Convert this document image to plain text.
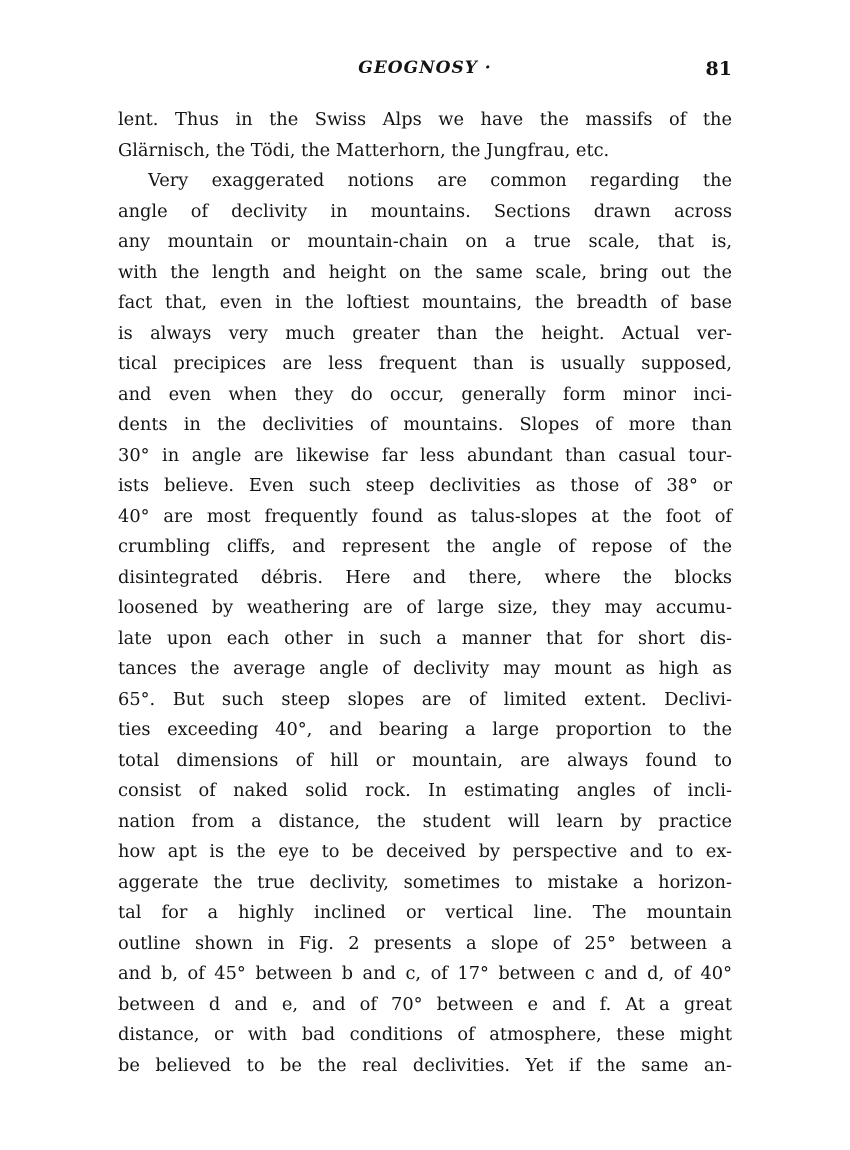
GEOGNOSY ·	81
lent. Thus in the Swiss Alps we have the massifs of the
Glärnisch, the Tödi, the Matterhorn, the Jungfrau, etc.
Very exaggerated notions are common regarding the
angle of declivity in mountains. Sections drawn across
any mountain or mountain-chain on a true scale, that is,
with the length and height on the same scale, bring out the
fact that, even in the loftiest mountains, the breadth of base
is always very much greater than the height. Actual ver-
tical precipices are less frequent than is usually supposed,
and even when they do occur, generally form minor inci-
dents in the declivities of mountains. Slopes of more than
30° in angle are likewise far less abundant than casual tour-
ists believe. Even such steep declivities as those of 38° or
40° are most frequently found as talus-slopes at the foot of
crumbling cliffs, and represent the angle of repose of the
disintegrated débris. Here and there, where the blocks
loosened by weathering are of large size, they may accumu-
late upon each other in such a manner that for short dis-
tances the average angle of declivity may mount as high as
65°. But such steep slopes are of limited extent. Declivi-
ties exceeding 40°, and bearing a large proportion to the
total dimensions of hill or mountain, are always found to
consist of naked solid rock. In estimating angles of incli-
nation from a distance, the student will learn by practice
how apt is the eye to be deceived by perspective and to ex-
aggerate the true declivity, sometimes to mistake a horizon-
tal for a highly inclined or vertical line. The mountain
outline shown in Fig. 2 presents a slope of 25° between a
and b, of 45° between b and c, of 17° between c and d, of 40°
between d and e, and of 70° between e and f. At a great
distance, or with bad conditions of atmosphere, these might
be believed to be the real declivities. Yet if the same an-
